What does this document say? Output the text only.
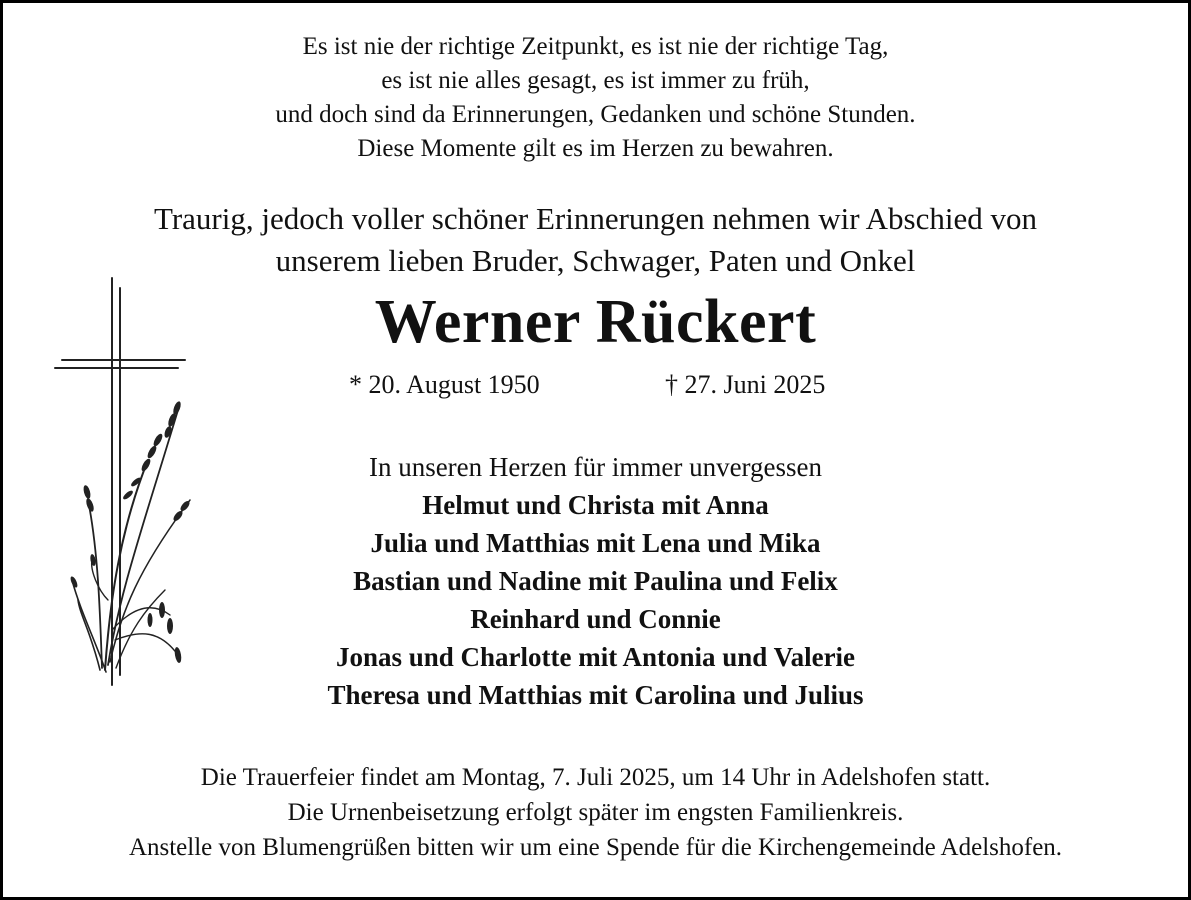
Es ist nie der richtige Zeitpunkt, es ist nie der richtige Tag,
es ist nie alles gesagt, es ist immer zu früh,
und doch sind da Erinnerungen, Gedanken und schöne Stunden.
Diese Momente gilt es im Herzen zu bewahren.
Traurig, jedoch voller schöner Erinnerungen nehmen wir Abschied von
unserem lieben Bruder, Schwager, Paten und Onkel
Werner Rückert
* 20. August 1950	† 27. Juni 2025
In unseren Herzen für immer unvergessen
Helmut und Christa mit Anna
Julia und Matthias mit Lena und Mika
Bastian und Nadine mit Paulina und Felix
Reinhard und Connie
Jonas und Charlotte mit Antonia und Valerie
Theresa und Matthias mit Carolina und Julius
Die Trauerfeier findet am Montag, 7. Juli 2025, um 14 Uhr in Adelshofen statt.
Die Urnenbeisetzung erfolgt später im engsten Familienkreis.
Anstelle von Blumengrüßen bitten wir um eine Spende für die Kirchengemeinde Adelshofen.
